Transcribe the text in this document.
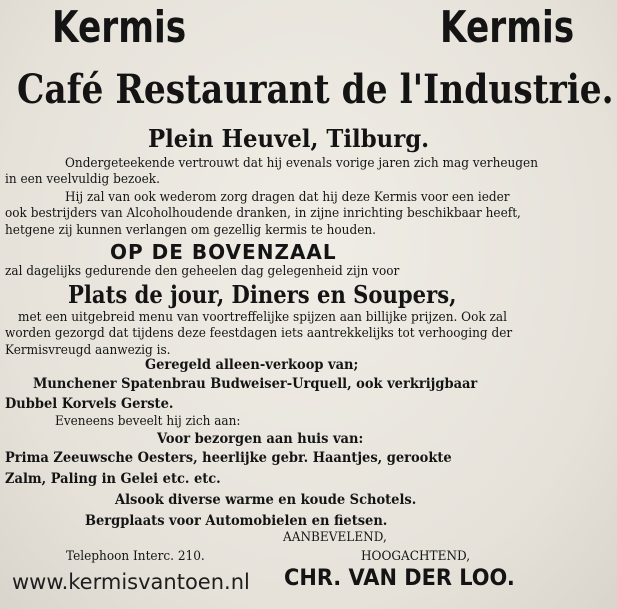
Kermis	Kermis
Café Restaurant de l'Industrie.
Plein Heuvel, Tilburg.
Ondergeteekende vertrouwt dat hij evenals vorige jaren zich mag verheugen
in een veelvuldig bezoek.
Hij zal van ook wederom zorg dragen dat hij deze Kermis voor een ieder
ook bestrijders van Alcoholhoudende dranken, in zijne inrichting beschikbaar heeft,
hetgene zij kunnen verlangen om gezellig kermis te houden.
OP DE BOVENZAAL
zal dagelijks gedurende den geheelen dag gelegenheid zijn voor
Plats de jour, Diners en Soupers,
met een uitgebreid menu van voortreffelijke spijzen aan billijke prijzen. Ook zal
worden gezorgd dat tijdens deze feestdagen iets aantrekkelijks tot verhooging der
Kermisvreugd aanwezig is.
Geregeld alleen-verkoop van;
Munchener Spatenbrau Budweiser-Urquell, ook verkrijgbaar
Dubbel Korvels Gerste.
Eveneens beveelt hij zich aan:
Voor bezorgen aan huis van:
Prima Zeeuwsche Oesters, heerlijke gebr. Haantjes, gerookte
Zalm, Paling in Gelei etc. etc.
Alsook diverse warme en koude Schotels.
Bergplaats voor Automobielen en fietsen.
AANBEVELEND,
Telephoon Interc. 210.	HOOGACHTEND,
www.kermisvantoen.nl CHR. VAN DER LOO.
